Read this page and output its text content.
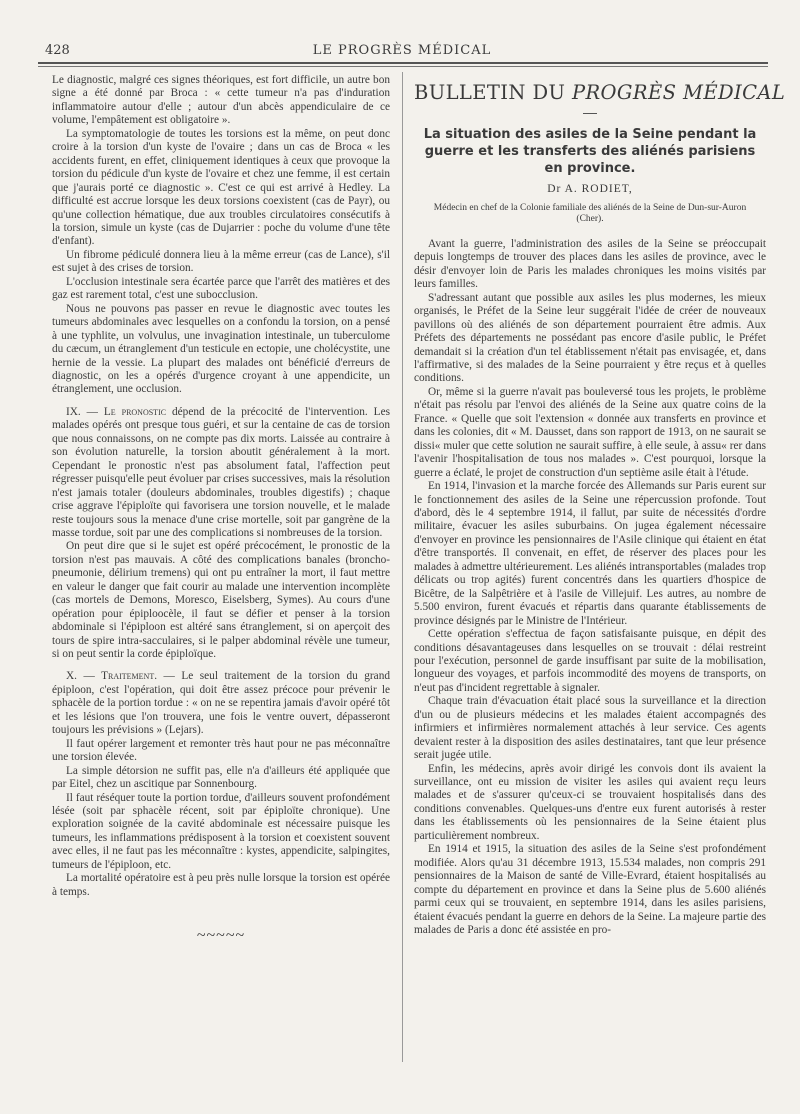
428	LE PROGRÈS MÉDICAL

Le diagnostic, malgré ces signes théoriques, est fort difficile, un autre bon signe a été donné par Broca : « cette tumeur n'a pas d'induration inflammatoire autour d'elle ; autour d'un abcès appendiculaire de ce volume, l'empâtement est obligatoire ».

La symptomatologie de toutes les torsions est la même, on peut donc croire à la torsion d'un kyste de l'ovaire ; dans un cas de Broca « les accidents furent, en effet, cliniquement identiques à ceux que provoque la torsion du pédicule d'un kyste de l'ovaire et chez une femme, il est certain que j'aurais porté ce diagnostic ». C'est ce qui est arrivé à Hedley. La difficulté est accrue lorsque les deux torsions coexistent (cas de Payr), ou qu'une collection hématique, due aux troubles circulatoires consécutifs à la torsion, simule un kyste (cas de Dujarrier : poche du volume d'une tête d'enfant).

Un fibrome pédiculé donnera lieu à la même erreur (cas de Lance), s'il est sujet à des crises de torsion.

L'occlusion intestinale sera écartée parce que l'arrêt des matières et des gaz est rarement total, c'est une subocclusion.

Nous ne pouvons pas passer en revue le diagnostic avec toutes les tumeurs abdominales avec lesquelles on a confondu la torsion, on a pensé à une typhlite, un volvulus, une invagination intestinale, un tuberculome du cæcum, un étranglement d'un testicule en ectopie, une cholécystite, une hernie de la vessie. La plupart des malades ont bénéficié d'erreurs de diagnostic, on les a opérés d'urgence croyant à une appendicite, un étranglement, une occlusion.

IX. — Le pronostic dépend de la précocité de l'intervention. Les malades opérés ont presque tous guéri, et sur la centaine de cas de torsion que nous connaissons, on ne compte pas dix morts. Laissée au contraire à son évolution naturelle, la torsion aboutit généralement à la mort. Cependant le pronostic n'est pas absolument fatal, l'affection peut régresser puisqu'elle peut évoluer par crises successives, mais la résolution n'est jamais totaler (douleurs abdominales, troubles digestifs) ; chaque crise aggrave l'épiploïte qui favorisera une torsion nouvelle, et le malade reste toujours sous la menace d'une crise mortelle, soit par gangrène de la masse tordue, soit par une des complications si nombreuses de la torsion.

On peut dire que si le sujet est opéré précocément, le pronostic de la torsion n'est pas mauvais. A côté des complications banales (broncho-pneumonie, délirium tremens) qui ont pu entraîner la mort, il faut mettre en valeur le danger que fait courir au malade une intervention incomplète (cas mortels de Demons, Moresco, Eiselsberg, Symes). Au cours d'une opération pour épiploocèle, il faut se défier et penser à la torsion abdominale si l'épiploon est altéré sans étranglement, si on aperçoit des tours de spire intra-sacculaires, si le palper abdominal révèle une tumeur, si on peut sentir la corde épiploïque.

X. — Traitement. — Le seul traitement de la torsion du grand épiploon, c'est l'opération, qui doit être assez précoce pour prévenir le sphacèle de la portion tordue : « on ne se repentira jamais d'avoir opéré tôt et les lésions que l'on trouvera, une fois le ventre ouvert, dépasseront toujours les prévisions » (Lejars).

Il faut opérer largement et remonter très haut pour ne pas méconnaître une torsion élevée.

La simple détorsion ne suffit pas, elle n'a d'ailleurs été appliquée que par Eitel, chez un ascitique par Sonnenbourg.

Il faut réséquer toute la portion tordue, d'ailleurs souvent profondément lésée (soit par sphacèle récent, soit par épiploïte chronique). Une exploration soignée de la cavité abdominale est nécessaire puisque les tumeurs, les inflammations prédisposent à la torsion et coexistent souvent avec elles, il ne faut pas les méconnaître : kystes, appendicite, salpingites, tumeurs de l'épiploon, etc.

La mortalité opératoire est à peu près nulle lorsque la torsion est opérée à temps.

~~~~~
BULLETIN DU PROGRÈS MÉDICAL
La situation des asiles de la Seine pendant la guerre et les transferts des aliénés parisiens en province.
Dr A. RODIET,
Médecin en chef de la Colonie familiale des aliénés de la Seine de Dun-sur-Auron (Cher).

Avant la guerre, l'administration des asiles de la Seine se préoccupait depuis longtemps de trouver des places dans les asiles de province, avec le désir d'envoyer loin de Paris les malades chroniques les moins visités par leurs familles.

S'adressant autant que possible aux asiles les plus modernes, les mieux organisés, le Préfet de la Seine leur suggérait l'idée de créer de nouveaux pavillons où des aliénés de son département pourraient être admis. Aux Préfets des départements ne possédant pas encore d'asile public, le Préfet demandait si la création d'un tel établissement n'était pas envisagée, et, dans l'affirmative, si des malades de la Seine pourraient y être reçus et à quelles conditions.

Or, même si la guerre n'avait pas bouleversé tous les projets, le problème n'était pas résolu par l'envoi des aliénés de la Seine aux quatre coins de la France. « Quelle que soit l'extension « donnée aux transferts en province et dans les colonies, dit « M. Dausset, dans son rapport de 1913, on ne saurait se dissi« muler que cette solution ne saurait suffire, à elle seule, à assu« rer dans l'avenir l'hospitalisation de tous nos malades ». C'est pourquoi, lorsque la guerre a éclaté, le projet de construction d'un septième asile était à l'étude.

En 1914, l'invasion et la marche forcée des Allemands sur Paris eurent sur le fonctionnement des asiles de la Seine une répercussion profonde. Tout d'abord, dès le 4 septembre 1914, il fallut, par suite de nécessités d'ordre militaire, évacuer les asiles suburbains. On jugea également nécessaire d'envoyer en province les pensionnaires de l'Asile clinique qui étaient en état d'être transportés. Il convenait, en effet, de réserver des places pour les malades à admettre ultérieurement. Les aliénés intransportables (malades trop délicats ou trop agités) furent concentrés dans les quartiers d'hospice de Bicêtre, de la Salpêtrière et à l'asile de Villejuif. Les autres, au nombre de 5.500 environ, furent évacués et répartis dans quarante établissements de province désignés par le Ministre de l'Intérieur.

Cette opération s'effectua de façon satisfaisante puisque, en dépit des conditions désavantageuses dans lesquelles on se trouvait : délai restreint pour l'exécution, personnel de garde insuffisant par suite de la mobilisation, longueur des voyages, et parfois incommodité des moyens de transports, on n'eut pas d'incident regrettable à signaler.

Chaque train d'évacuation était placé sous la surveillance et la direction d'un ou de plusieurs médecins et les malades étaient accompagnés des infirmiers et infirmières normalement attachés à leur service. Ces agents devaient rester à la disposition des asiles destinataires, tant que leur présence serait jugée utile.

Enfin, les médecins, après avoir dirigé les convois dont ils avaient la surveillance, ont eu mission de visiter les asiles qui avaient reçu leurs malades et de s'assurer qu'ceux-ci se trouvaient hospitalisés dans des conditions convenables. Quelques-uns d'entre eux furent autorisés à rester dans les établissements où les pensionnaires de la Seine étaient plus particulièrement nombreux.

En 1914 et 1915, la situation des asiles de la Seine s'est profondément modifiée. Alors qu'au 31 décembre 1913, 15.534 malades, non compris 291 pensionnaires de la Maison de santé de Ville-Evrard, étaient hospitalisés au compte du département en province et dans la Seine plus de 5.600 aliénés parmi ceux qui se trouvaient, en septembre 1914, dans les asiles parisiens, étaient évacués pendant la guerre en dehors de la Seine. La majeure partie des malades de Paris a donc été assistée en pro-
